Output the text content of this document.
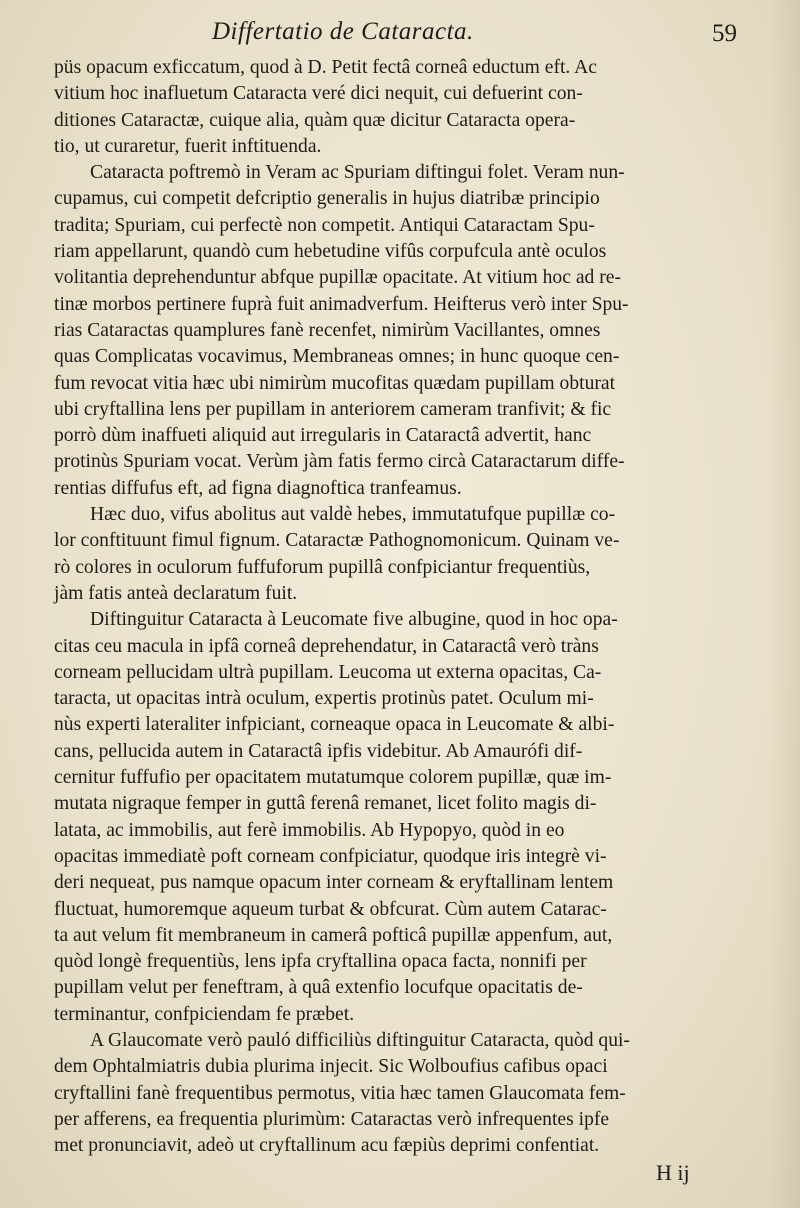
Differtatio de Cataracta.	59
püs opacum exficcatum, quod à D. Petit fectâ corneâ eductum eft. Ac
vitium hoc inafluetum Cataracta veré dici nequit, cui defuerint con-
ditiones Cataractæ, cuique alia, quàm quæ dicitur Cataracta opera-
tio, ut curaretur, fuerit inftituenda.
Cataracta poftremò in Veram ac Spuriam diftingui folet. Veram nun-
cupamus, cui competit defcriptio generalis in hujus diatribæ principio
tradita; Spuriam, cui perfectè non competit. Antiqui Cataractam Spu-
riam appellarunt, quandò cum hebetudine vifûs corpufcula antè oculos
volitantia deprehenduntur abfque pupillæ opacitate. At vitium hoc ad re-
tinæ morbos pertinere fuprà fuit animadverfum. Heifterus verò inter Spu-
rias Cataractas quamplures fanè recenfet, nimirùm Vacillantes, omnes
quas Complicatas vocavimus, Membraneas omnes; in hunc quoque cen-
fum revocat vitia hæc ubi nimirùm mucofitas quædam pupillam obturat
ubi cryftallina lens per pupillam in anteriorem cameram tranfivit; & fic
porrò dùm inaffueti aliquid aut irregularis in Cataractâ advertit, hanc
protinùs Spuriam vocat. Verùm jàm fatis fermo circà Cataractarum diffe-
rentias diffufus eft, ad figna diagnoftica tranfeamus.
Hæc duo, vifus abolitus aut valdè hebes, immutatufque pupillæ co-
lor conftituunt fimul fignum. Cataractæ Pathognomonicum. Quinam ve-
rò colores in oculorum fuffuforum pupillâ confpiciantur frequentiùs,
jàm fatis anteà declaratum fuit.
Diftinguitur Cataracta à Leucomate five albugine, quod in hoc opa-
citas ceu macula in ipfâ corneâ deprehendatur, in Cataractâ verò tràns
corneam pellucidam ultrà pupillam. Leucoma ut externa opacitas, Ca-
taracta, ut opacitas intrà oculum, expertis protinùs patet. Oculum mi-
nùs experti lateraliter infpiciant, corneaque opaca in Leucomate & albi-
cans, pellucida autem in Cataractâ ipfis videbitur. Ab Amaurófi dif-
cernitur fuffufio per opacitatem mutatumque colorem pupillæ, quæ im-
mutata nigraque femper in guttâ ferenâ remanet, licet folito magis di-
latata, ac immobilis, aut ferè immobilis. Ab Hypopyo, quòd in eo
opacitas immediatè poft corneam confpiciatur, quodque iris integrè vi-
deri nequeat, pus namque opacum inter corneam & eryftallinam lentem
fluctuat, humoremque aqueum turbat & obfcurat. Cùm autem Catarac-
ta aut velum fit membraneum in camerâ pofticâ pupillæ appenfum, aut,
quòd longè frequentiùs, lens ipfa cryftallina opaca facta, nonnifi per
pupillam velut per feneftram, à quâ extenfio locufque opacitatis de-
terminantur, confpiciendam fe præbet.
A Glaucomate verò pauló difficiliùs diftinguitur Cataracta, quòd qui-
dem Ophtalmiatris dubia plurima injecit. Sic Wolboufius cafibus opaci
cryftallini fanè frequentibus permotus, vitia hæc tamen Glaucomata fem-
per afferens, ea frequentia plurimùm: Cataractas verò infrequentes ipfe
met pronunciavit, adeò ut cryftallinum acu fæpiùs deprimi confentiat.
H ij
